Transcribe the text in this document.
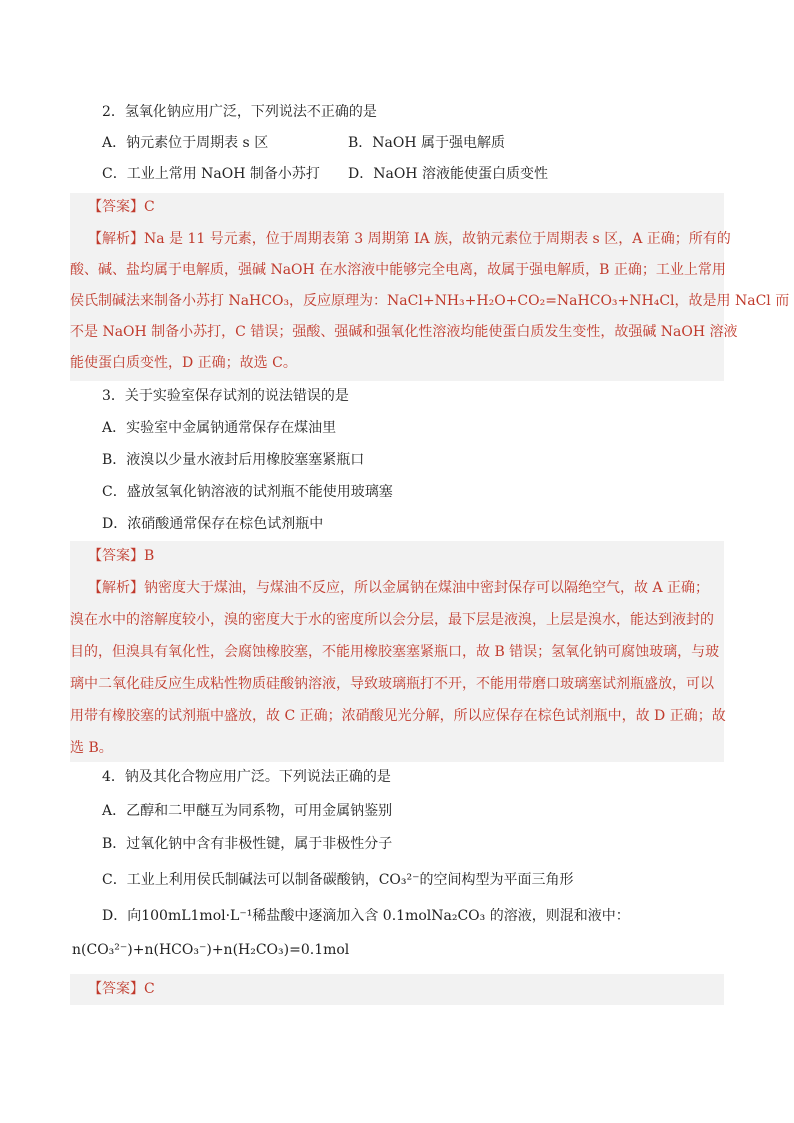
2．氢氧化钠应用广泛，下列说法不正确的是
A．钠元素位于周期表 s 区	B．NaOH 属于强电解质
C．工业上常用 NaOH 制备小苏打 D．NaOH 溶液能使蛋白质变性
【答案】C
【解析】Na 是 11 号元素，位于周期表第 3 周期第 IA 族，故钠元素位于周期表 s 区，A 正确；所有的
酸、碱、盐均属于电解质，强碱 NaOH 在水溶液中能够完全电离，故属于强电解质，B 正确；工业上常用
侯氏制碱法来制备小苏打 NaHCO₃，反应原理为：NaCl+NH₃+H₂O+CO₂=NaHCO₃+NH₄Cl，故是用 NaCl 而
不是 NaOH 制备小苏打，C 错误；强酸、强碱和强氧化性溶液均能使蛋白质发生变性，故强碱 NaOH 溶液
能使蛋白质变性，D 正确；故选 C。
3．关于实验室保存试剂的说法错误的是
A．实验室中金属钠通常保存在煤油里
B．液溴以少量水液封后用橡胶塞塞紧瓶口
C．盛放氢氧化钠溶液的试剂瓶不能使用玻璃塞
D．浓硝酸通常保存在棕色试剂瓶中
【答案】B
【解析】钠密度大于煤油，与煤油不反应，所以金属钠在煤油中密封保存可以隔绝空气，故 A 正确；
溴在水中的溶解度较小，溴的密度大于水的密度所以会分层，最下层是液溴，上层是溴水，能达到液封的
目的，但溴具有氧化性，会腐蚀橡胶塞，不能用橡胶塞塞紧瓶口，故 B 错误；氢氧化钠可腐蚀玻璃，与玻
璃中二氧化硅反应生成粘性物质硅酸钠溶液，导致玻璃瓶打不开，不能用带磨口玻璃塞试剂瓶盛放，可以
用带有橡胶塞的试剂瓶中盛放，故 C 正确；浓硝酸见光分解，所以应保存在棕色试剂瓶中，故 D 正确；故
选 B。
4．钠及其化合物应用广泛。下列说法正确的是
A．乙醇和二甲醚互为同系物，可用金属钠鉴别
B．过氧化钠中含有非极性键，属于非极性分子
C．工业上利用侯氏制碱法可以制备碳酸钠，CO₃²⁻的空间构型为平面三角形
D．向100mL1mol·L⁻¹稀盐酸中逐滴加入含 0.1molNa₂CO₃ 的溶液，则混和液中：
n(CO₃²⁻)+n(HCO₃⁻)+n(H₂CO₃)=0.1mol
【答案】C
